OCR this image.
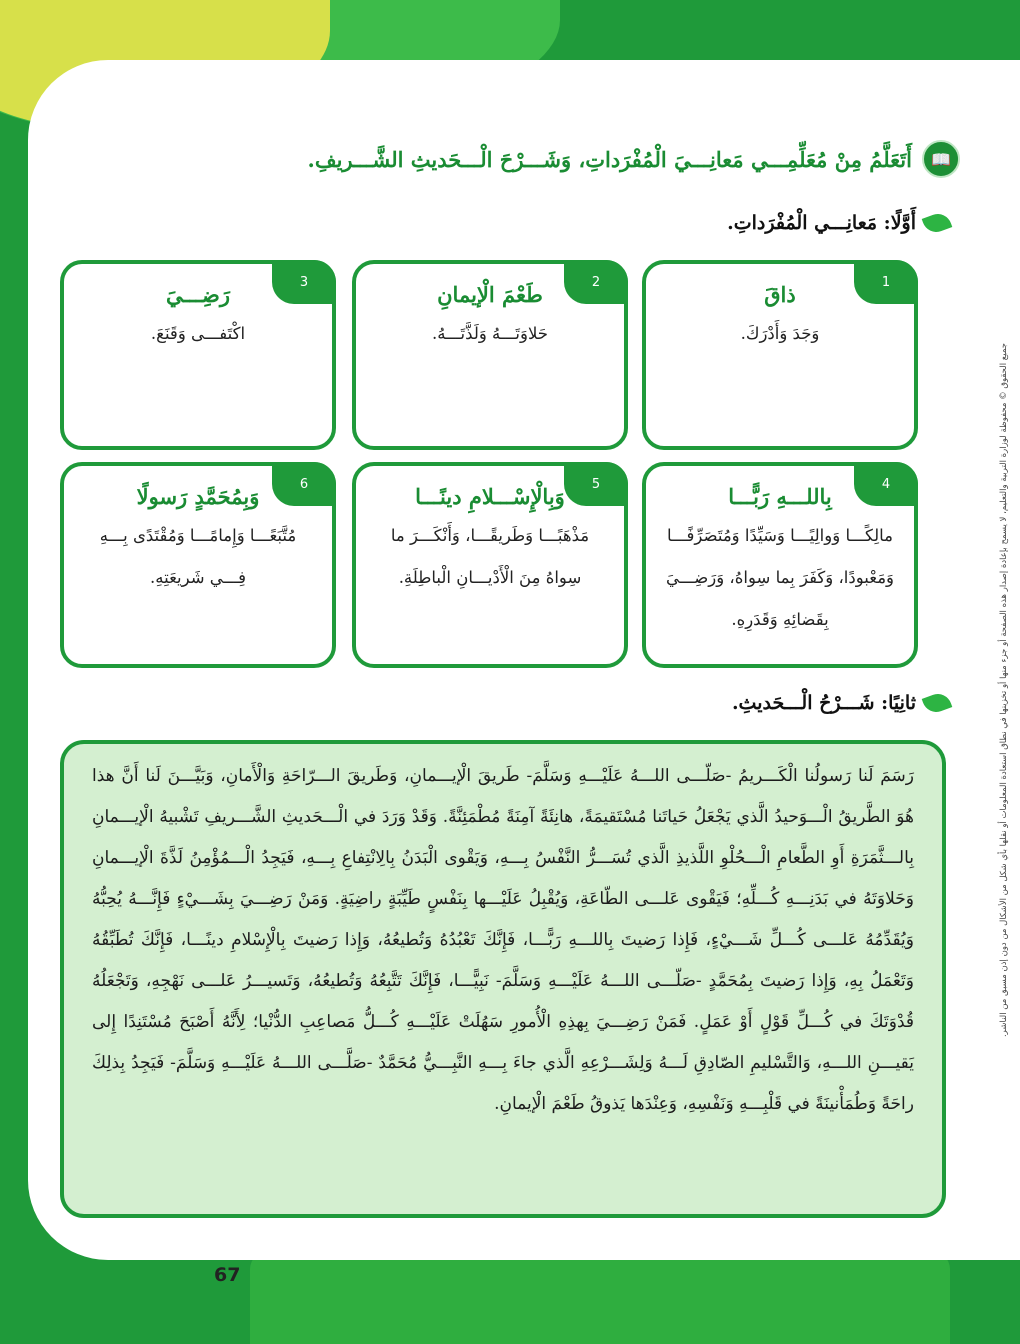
جميع الحقوق © محفوظة لوزارة التربية والتعليم، لا يسمح بإعادة إصدار هذه الصفحة أو جزء منها أو تخزينها في نطاق استعادة المعلومات أو نقلها بأي شكل من الأشكال من دون إذن مسبق من الناشر.
📖
أَتَعَلَّمُ مِنْ مُعَلِّمِـــي مَعانِـــيَ الْمُفْرَداتِ، وَشَـــرْحَ الْـــحَديثِ الشَّـــريفِ.
أَوَّلًا: مَعانِـــي الْمُفْرَداتِ.
1
ذاقَ
وَجَدَ وَأَدْرَكَ.
2
طَعْمَ الْإيمانِ
حَلاوَتَـــهُ وَلَذَّتَـــهُ.
3
رَضِـــيَ
اكْتَفـــى وَقَنَعَ.
4
بِاللـــهِ رَبًّـــا
مالِكًـــا وَوالِيًـــا وَسَيِّدًا وَمُتَصَرِّفًـــا وَمَعْبودًا، وَكَفَرَ بِما سِواهُ، وَرَضِـــيَ بِقَضائِهِ وَقَدَرِهِ.
5
وَبِالْإِسْـــلامِ دينًـــا
مَذْهَبًـــا وَطَريقًـــا، وَأَنْكَـــرَ ما سِواهُ مِنَ الْأَدْيـــانِ الْباطِلَةِ.
6
وَبِمُحَمَّدٍ رَسولًا
مُتَّبَعًـــا وَإِمامًـــا وَمُقْتَدًى بِـــهِ فِـــي شَريعَتِهِ.
ثانِيًا: شَـــرْحُ الْـــحَديثِ.
رَسَمَ لَنا رَسولُنا الْكَـــريمُ -صَلّـــى اللـــهُ عَلَيْـــهِ وَسَلَّمَ- طَريقَ الْإيـــمانِ، وَطَريقَ الـــرّاحَةِ وَالْأَمانِ، وَبَيَّـــنَ لَنا أَنَّ هذا هُوَ الطَّريقُ الْـــوَحيدُ الَّذي يَجْعَلُ حَياتَنا مُسْتَقيمَةً، هانِئَةً آمِنَةً مُطْمَئِنَّةً. وَقَدْ وَرَدَ في الْـــحَديثِ الشَّـــريفِ تَشْبيهُ الْإيـــمانِ بِالـــثَّمَرَةِ أَوِ الطَّعامِ الْـــحُلْوِ اللَّذيذِ الَّذي تُسَـــرُّ النَّفْسُ بِـــهِ، وَيَقْوى الْبَدَنُ بِالِانْتِفاعِ بِـــهِ، فَيَجِدُ الْـــمُؤْمِنُ لَذَّةَ الْإيـــمانِ وَحَلاوَتَهُ في بَدَنِـــهِ كُـــلِّهِ؛ فَيَقْوى عَلـــى الطّاعَةِ، وَيُقْبِلُ عَلَيْـــها بِنَفْسٍ طَيِّبَةٍ راضِيَةٍ. وَمَنْ رَضِـــيَ بِشَـــيْءٍ فَإِنَّـــهُ يُحِبُّهُ وَيُقَدِّمُهُ عَلـــى كُـــلِّ شَـــيْءٍ، فَإِذا رَضيتَ بِاللـــهِ رَبًّـــا، فَإِنَّكَ تَعْبُدُهُ وَتُطيعُهُ، وَإِذا رَضيتَ بِالْإِسْلامِ دينًـــا، فَإِنَّكَ تُطَبِّقُهُ وَتَعْمَلُ بِهِ، وَإِذا رَضيتَ بِمُحَمَّدٍ -صَلّـــى اللـــهُ عَلَيْـــهِ وَسَلَّمَ- نَبِيًّـــا، فَإِنَّكَ تَتَّبِعُهُ وَتُطيعُهُ، وَتَسيـــرُ عَلـــى نَهْجِهِ، وَتَجْعَلُهُ قُدْوَتَكَ في كُـــلِّ قَوْلٍ أَوْ عَمَلٍ. فَمَنْ رَضِـــيَ بِهذِهِ الْأُمورِ سَهُلَتْ عَلَيْـــهِ كُـــلُّ مَصاعِبِ الدُّنْيا؛ لِأَنَّهُ أَصْبَحَ مُسْتَنِدًا إِلى يَقيـــنِ اللـــهِ، وَالتَّسْليمِ الصّادِقِ لَـــهُ وَلِشَـــرْعِهِ الَّذي جاءَ بِـــهِ النَّبِـــيُّ مُحَمَّدٌ -صَلَّـــى اللـــهُ عَلَيْـــهِ وَسَلَّمَ- فَيَجِدُ بِذلِكَ راحَةً وَطُمَأْنينَةً في قَلْبِـــهِ وَنَفْسِهِ، وَعِنْدَها يَذوقُ طَعْمَ الْإيمانِ.
67
